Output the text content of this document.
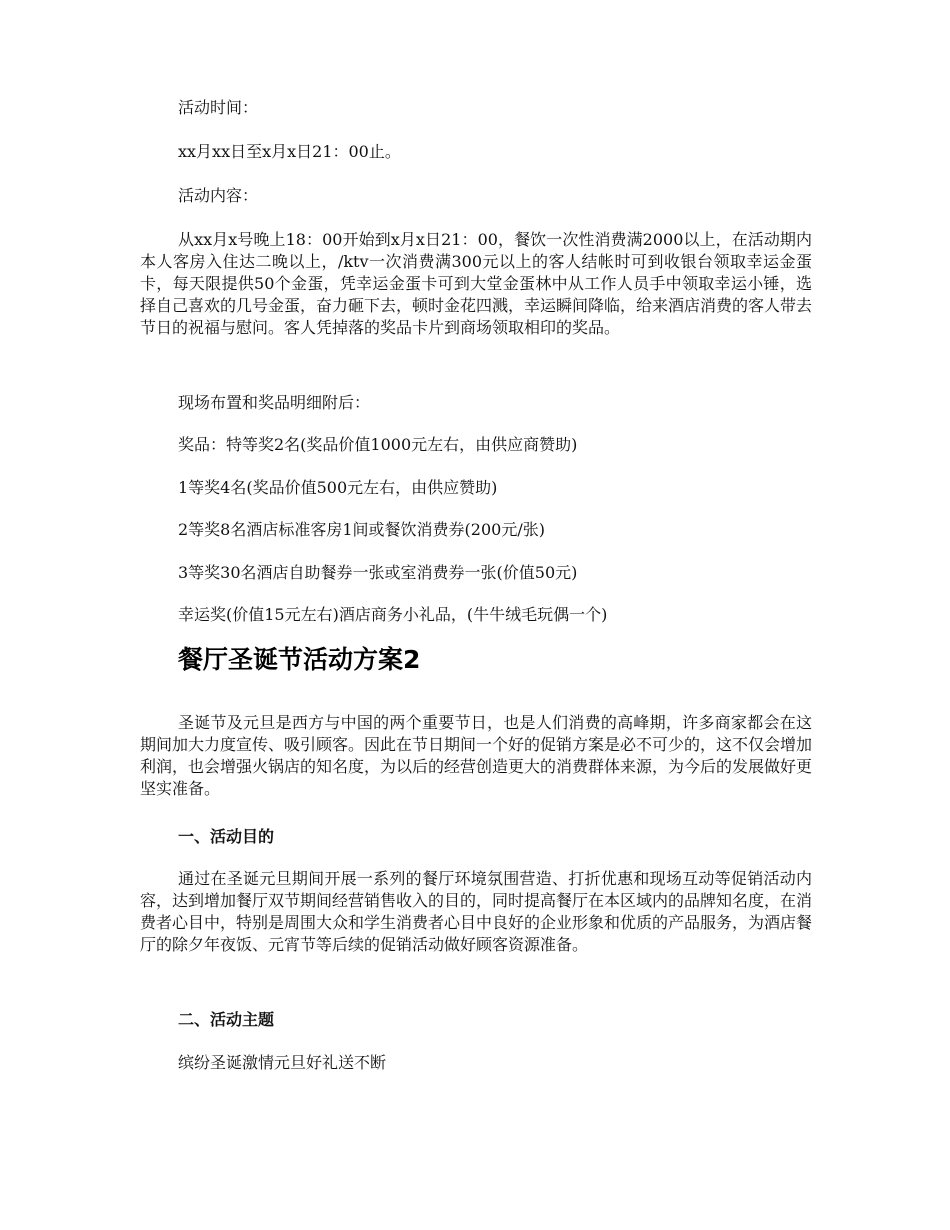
活动时间：

xx月xx日至x月x日21：00止。

活动内容：

从xx月x号晚上18：00开始到x月x日21：00，餐饮一次性消费满2000以上，在活动期内本人客房入住达二晚以上，/ktv一次消费满300元以上的客人结帐时可到收银台领取幸运金蛋卡，每天限提供50个金蛋，凭幸运金蛋卡可到大堂金蛋林中从工作人员手中领取幸运小锤，选择自己喜欢的几号金蛋，奋力砸下去，顿时金花四溅，幸运瞬间降临，给来酒店消费的客人带去节日的祝福与慰问。客人凭掉落的奖品卡片到商场领取相印的奖品。

现场布置和奖品明细附后：

奖品：特等奖2名(奖品价值1000元左右，由供应商赞助)

1等奖4名(奖品价值500元左右，由供应赞助)

2等奖8名酒店标准客房1间或餐饮消费券(200元/张)

3等奖30名酒店自助餐券一张或室消费券一张(价值50元)

幸运奖(价值15元左右)酒店商务小礼品，(牛牛绒毛玩偶一个)

餐厅圣诞节活动方案2

圣诞节及元旦是西方与中国的两个重要节日，也是人们消费的高峰期，许多商家都会在这期间加大力度宣传、吸引顾客。因此在节日期间一个好的促销方案是必不可少的，这不仅会增加利润，也会增强火锅店的知名度，为以后的经营创造更大的消费群体来源，为今后的发展做好更坚实准备。

一、活动目的

通过在圣诞元旦期间开展一系列的餐厅环境氛围营造、打折优惠和现场互动等促销活动内容，达到增加餐厅双节期间经营销售收入的目的，同时提高餐厅在本区域内的品牌知名度，在消费者心目中，特别是周围大众和学生消费者心目中良好的企业形象和优质的产品服务，为酒店餐厅的除夕年夜饭、元宵节等后续的促销活动做好顾客资源准备。

二、活动主题

缤纷圣诞激情元旦好礼送不断
